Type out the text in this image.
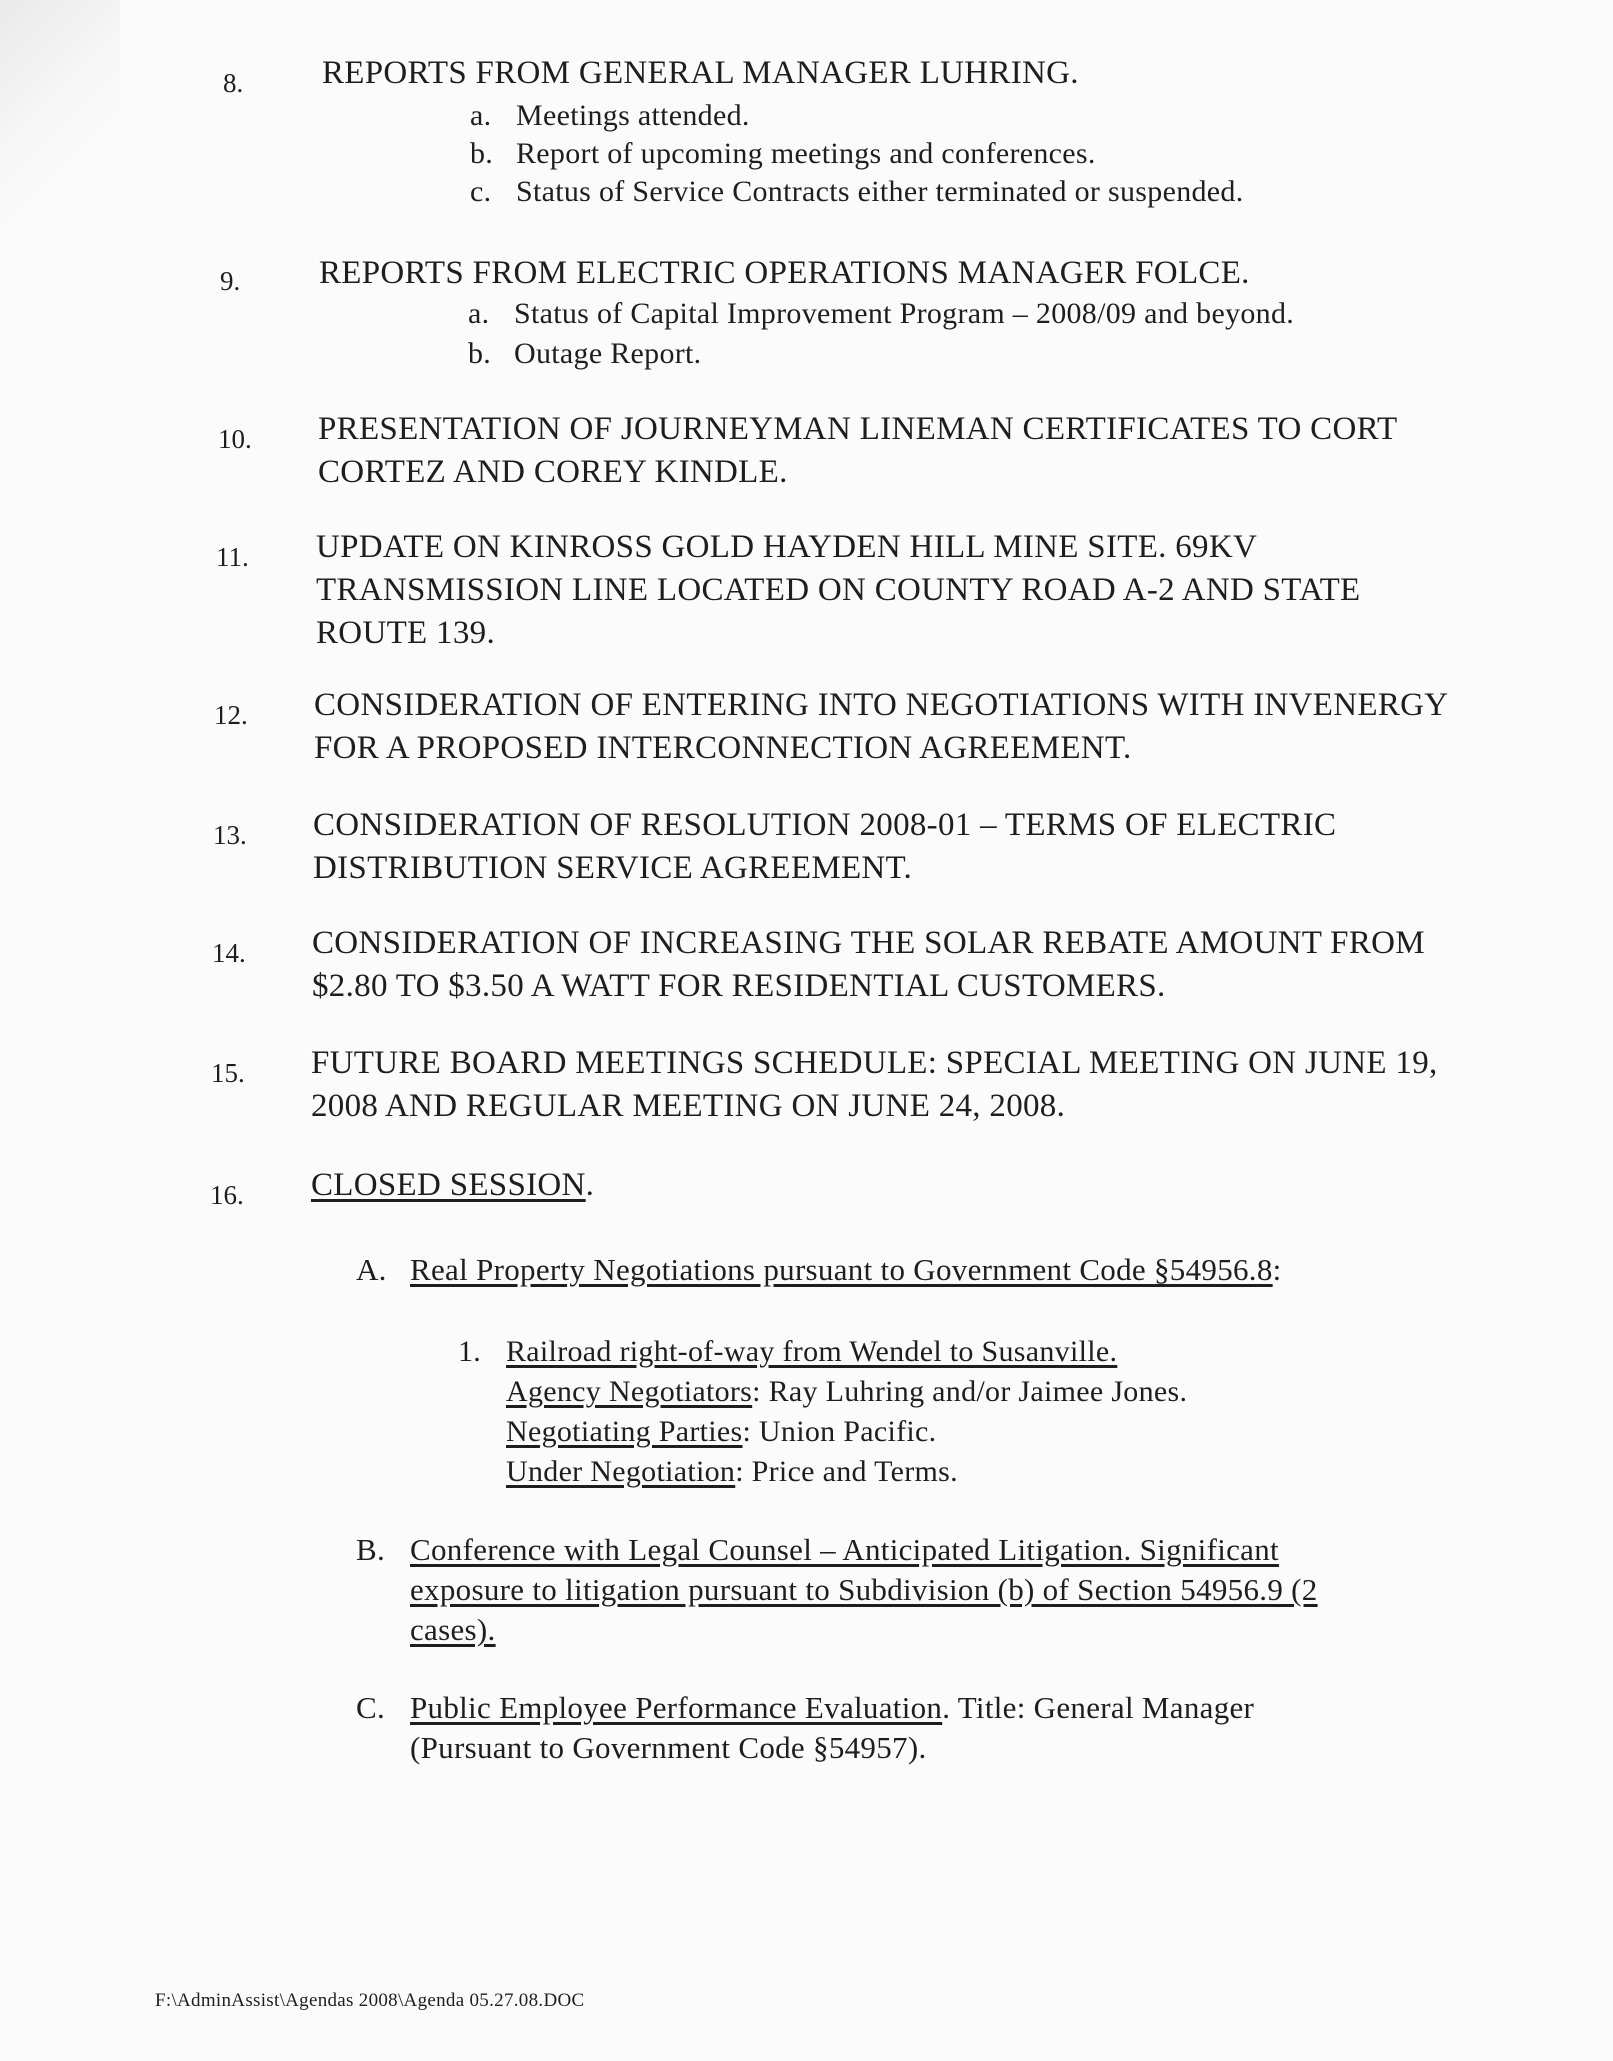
8.	REPORTS FROM GENERAL MANAGER LUHRING.
a. Meetings attended.
b. Report of upcoming meetings and conferences.
c. Status of Service Contracts either terminated or suspended.
9.	REPORTS FROM ELECTRIC OPERATIONS MANAGER FOLCE.
a. Status of Capital Improvement Program – 2008/09 and beyond.
b. Outage Report.
10.	PRESENTATION OF JOURNEYMAN LINEMAN CERTIFICATES TO CORT
CORTEZ AND COREY KINDLE.
11.	UPDATE ON KINROSS GOLD HAYDEN HILL MINE SITE. 69KV
TRANSMISSION LINE LOCATED ON COUNTY ROAD A-2 AND STATE
ROUTE 139.
12.	CONSIDERATION OF ENTERING INTO NEGOTIATIONS WITH INVENERGY
FOR A PROPOSED INTERCONNECTION AGREEMENT.
13.	CONSIDERATION OF RESOLUTION 2008-01 – TERMS OF ELECTRIC
DISTRIBUTION SERVICE AGREEMENT.
14.	CONSIDERATION OF INCREASING THE SOLAR REBATE AMOUNT FROM
$2.80 TO $3.50 A WATT FOR RESIDENTIAL CUSTOMERS.
15.	FUTURE BOARD MEETINGS SCHEDULE: SPECIAL MEETING ON JUNE 19,
2008 AND REGULAR MEETING ON JUNE 24, 2008.
16.	CLOSED SESSION.
A. Real Property Negotiations pursuant to Government Code §54956.8:
1. Railroad right-of-way from Wendel to Susanville.
Agency Negotiators: Ray Luhring and/or Jaimee Jones.
Negotiating Parties: Union Pacific.
Under Negotiation: Price and Terms.
B. Conference with Legal Counsel – Anticipated Litigation. Significant
exposure to litigation pursuant to Subdivision (b) of Section 54956.9 (2
cases).
C. Public Employee Performance Evaluation. Title: General Manager
(Pursuant to Government Code §54957).
F:\AdminAssist\Agendas 2008\Agenda 05.27.08.DOC
